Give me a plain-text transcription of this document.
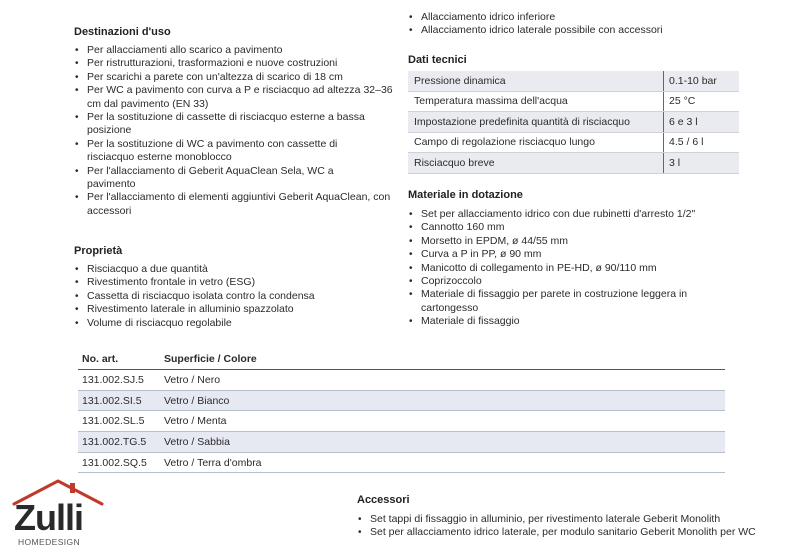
Destinazioni d'uso
• Per allacciamenti allo scarico a pavimento
• Per ristrutturazioni, trasformazioni e nuove costruzioni
• Per scarichi a parete con un'altezza di scarico di 18 cm
• Per WC a pavimento con curva a P e risciacquo ad altezza 32–36 cm dal pavimento (EN 33)
• Per la sostituzione di cassette di risciacquo esterne a bassa posizione
• Per la sostituzione di WC a pavimento con cassette di risciacquo esterne monoblocco
• Per l'allacciamento di Geberit AquaClean Sela, WC a pavimento
• Per l'allacciamento di elementi aggiuntivi Geberit AquaClean, con accessori
Proprietà
• Risciacquo a due quantità
• Rivestimento frontale in vetro (ESG)
• Cassetta di risciacquo isolata contro la condensa
• Rivestimento laterale in alluminio spazzolato
• Volume di risciacquo regolabile
• Allacciamento idrico inferiore
• Allacciamento idrico laterale possibile con accessori
Dati tecnici
Pressione dinamica	0.1-10 bar
Temperatura massima dell'acqua	25 °C
Impostazione predefinita quantità di risciacquo	6 e 3 l
Campo di regolazione risciacquo lungo	4.5 / 6 l
Risciacquo breve	3 l
Materiale in dotazione
• Set per allacciamento idrico con due rubinetti d'arresto 1/2"
• Cannotto 160 mm
• Morsetto in EPDM, ø 44/55 mm
• Curva a P in PP, ø 90 mm
• Manicotto di collegamento in PE-HD, ø 90/110 mm
• Coprizoccolo
• Materiale di fissaggio per parete in costruzione leggera in cartongesso
• Materiale di fissaggio
No. art.	Superficie / Colore
131.002.SJ.5	Vetro / Nero
131.002.SI.5	Vetro / Bianco
131.002.SL.5	Vetro / Menta
131.002.TG.5	Vetro / Sabbia
131.002.SQ.5	Vetro / Terra d'ombra
Zulli
HOMEDESIGN
Accessori
• Set tappi di fissaggio in alluminio, per rivestimento laterale Geberit Monolith
• Set per allacciamento idrico laterale, per modulo sanitario Geberit Monolith per WC
